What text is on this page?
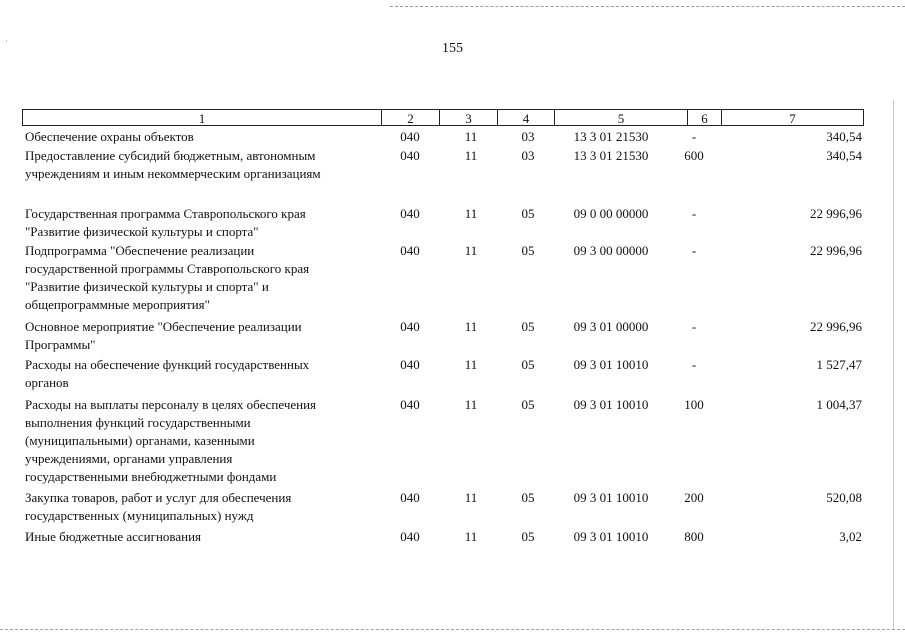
155
1	2	3	4	5	6	7
Обеспечение охраны объектов	040	11	03	13 3 01 21530	-	340,54
Предоставление субсидий бюджетным, автономным
учреждениям и иным некоммерческим организациям
040	11	03	13 3 01 21530	600	340,54
Государственная программа Ставропольского края
"Развитие физической культуры и спорта"
040	11	05	09 0 00 00000	-	22 996,96
Подпрограмма "Обеспечение реализации
государственной программы Ставропольского края
"Развитие физической культуры и спорта" и
общепрограммные мероприятия"
040	11	05	09 3 00 00000	-	22 996,96
Основное мероприятие "Обеспечение реализации
Программы"
040	11	05	09 3 01 00000	-	22 996,96
Расходы на обеспечение функций государственных
органов
040	11	05	09 3 01 10010	-	1 527,47
Расходы на выплаты персоналу в целях обеспечения
выполнения функций государственными
(муниципальными) органами, казенными
учреждениями, органами управления
государственными внебюджетными фондами
040	11	05	09 3 01 10010	100	1 004,37
Закупка товаров, работ и услуг для обеспечения
государственных (муниципальных) нужд
040	11	05	09 3 01 10010	200	520,08
Иные бюджетные ассигнования	040	11	05	09 3 01 10010	800	3,02
